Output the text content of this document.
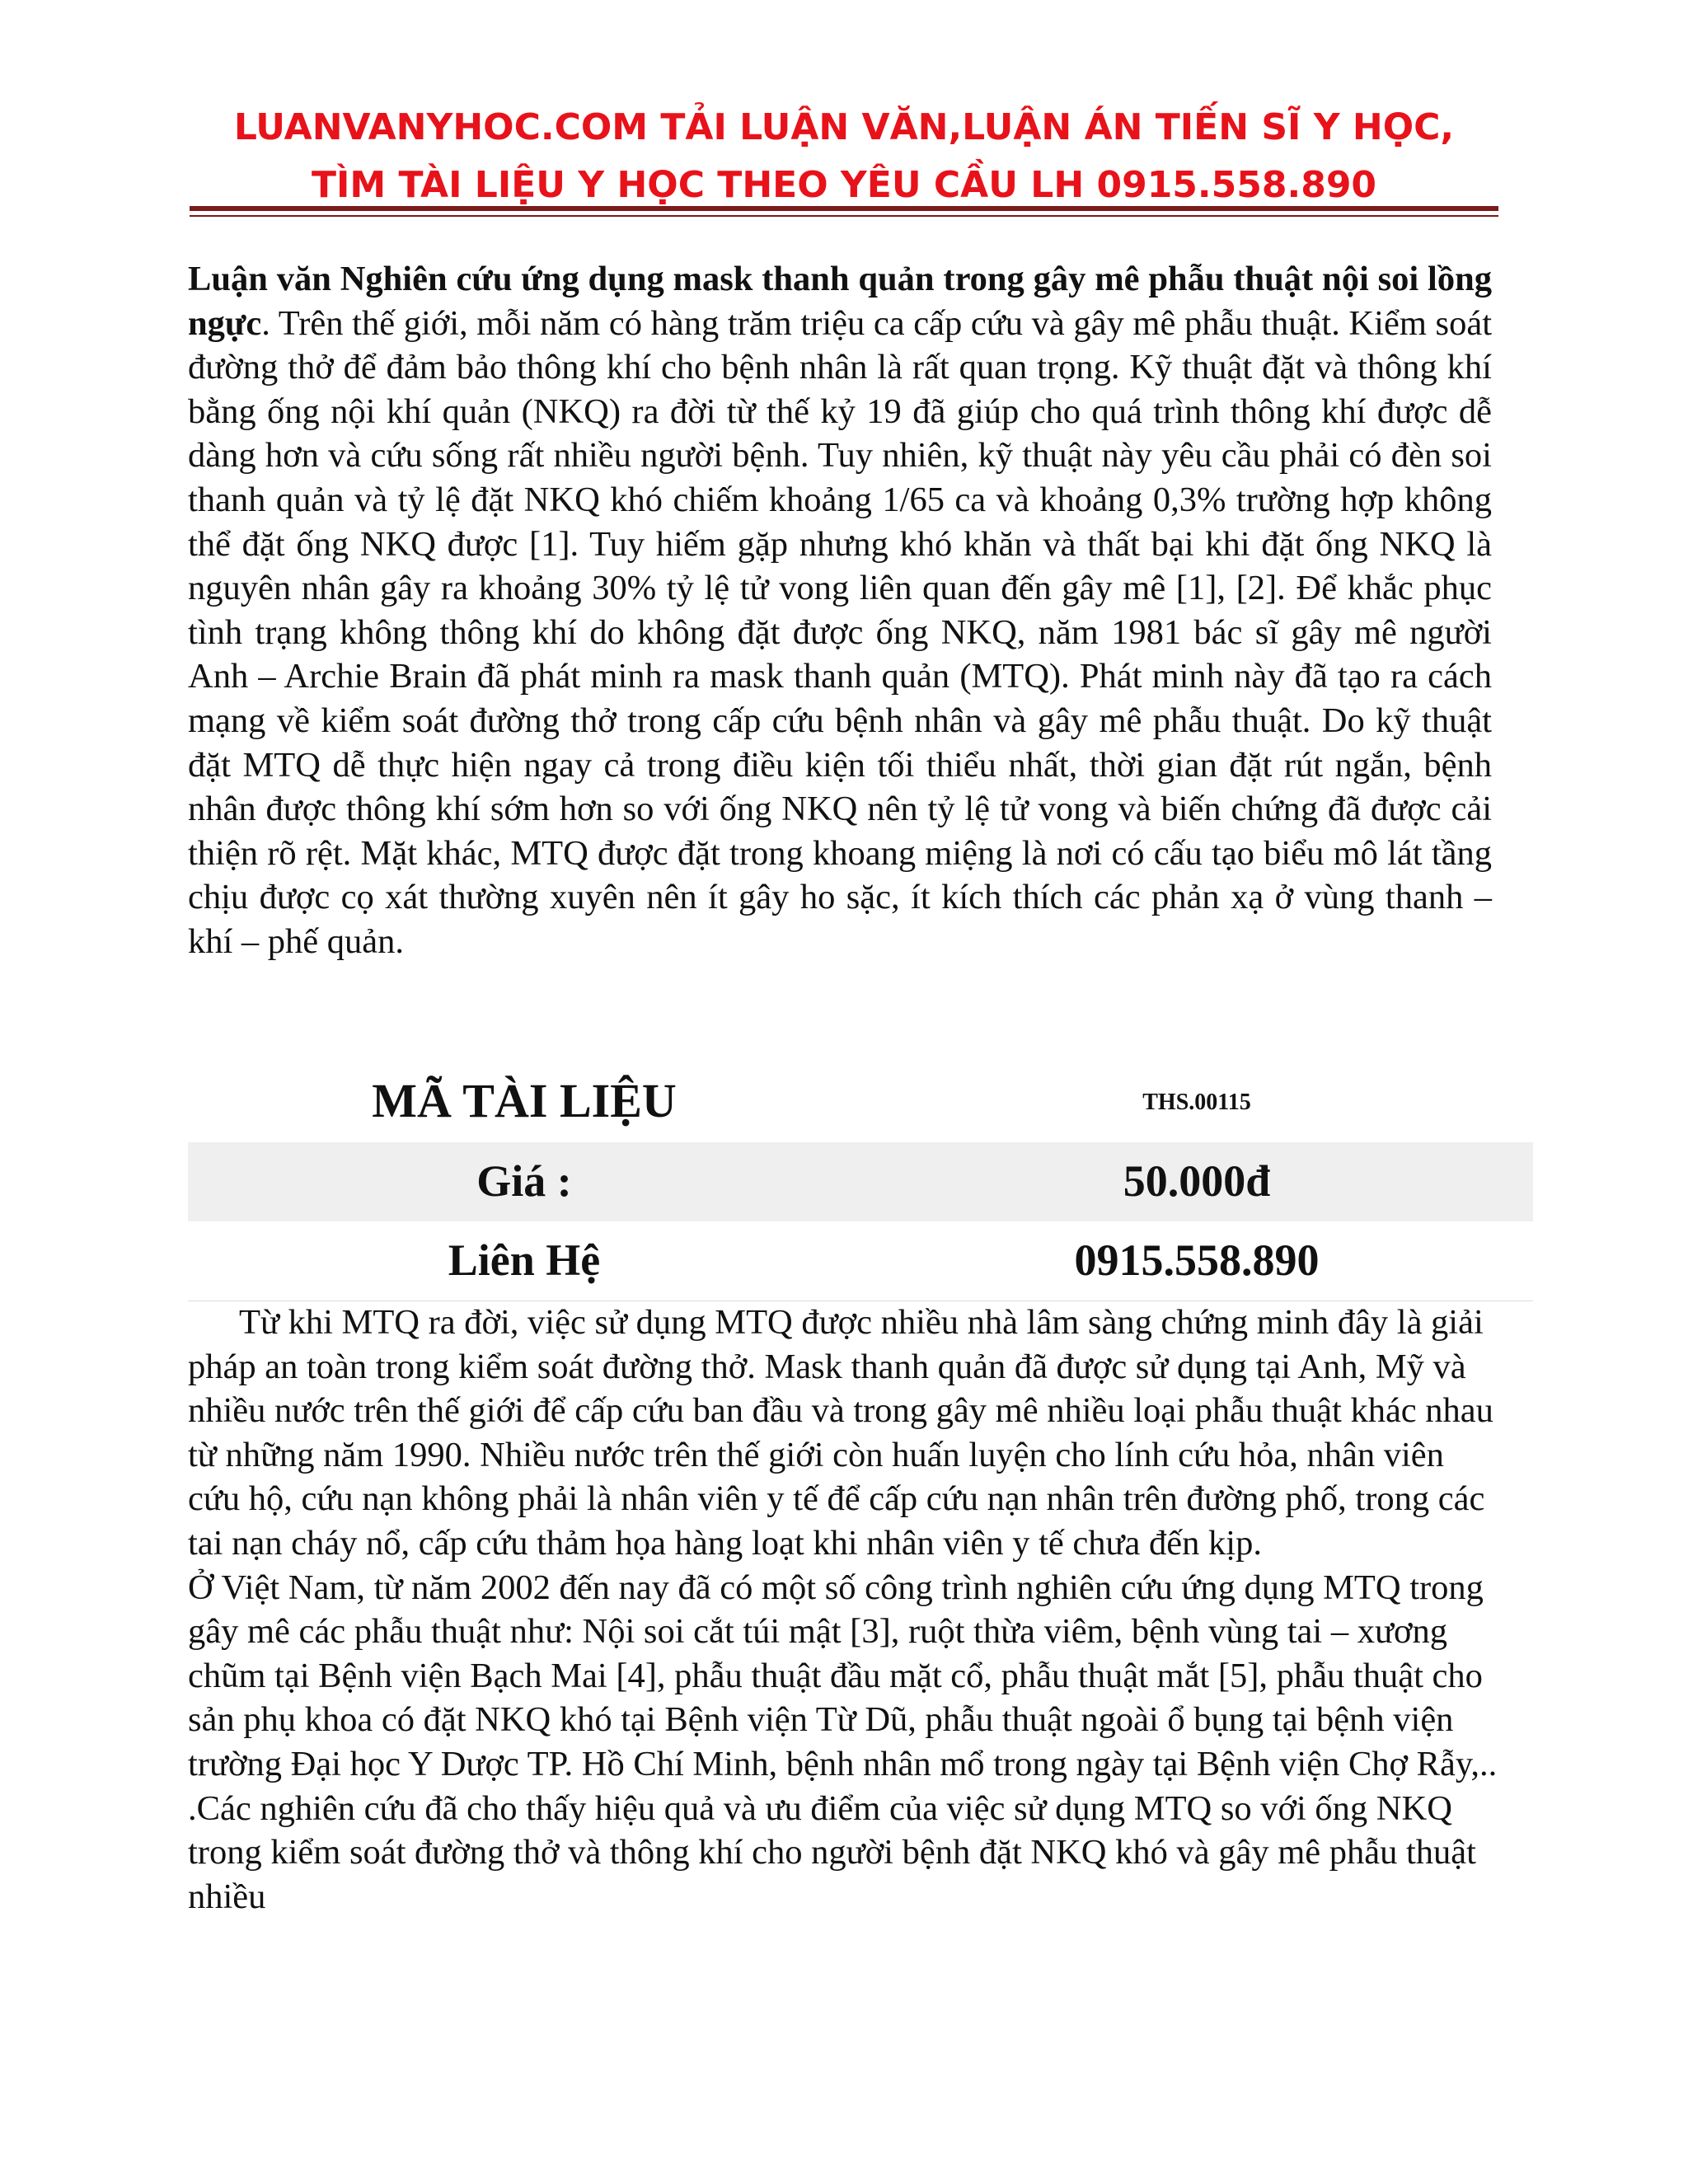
LUANVANYHOC.COM TẢI LUẬN VĂN,LUẬN ÁN TIẾN SĨ Y HỌC,
TÌM TÀI LIỆU Y HỌC THEO YÊU CẦU LH 0915.558.890
Luận văn Nghiên cứu ứng dụng mask thanh quản trong gây mê phẫu thuật nội soi lồng ngực. Trên thế giới, mỗi năm có hàng trăm triệu ca cấp cứu và gây mê phẫu thuật. Kiểm soát đường thở để đảm bảo thông khí cho bệnh nhân là rất quan trọng. Kỹ thuật đặt và thông khí bằng ống nội khí quản (NKQ) ra đời từ thế kỷ 19 đã giúp cho quá trình thông khí được dễ dàng hơn và cứu sống rất nhiều người bệnh. Tuy nhiên, kỹ thuật này yêu cầu phải có đèn soi thanh quản và tỷ lệ đặt NKQ khó chiếm khoảng 1/65 ca và khoảng 0,3% trường hợp không thể đặt ống NKQ được [1]. Tuy hiếm gặp nhưng khó khăn và thất bại khi đặt ống NKQ là nguyên nhân gây ra khoảng 30% tỷ lệ tử vong liên quan đến gây mê [1], [2]. Để khắc phục tình trạng không thông khí do không đặt được ống NKQ, năm 1981 bác sĩ gây mê người Anh – Archie Brain đã phát minh ra mask thanh quản (MTQ). Phát minh này đã tạo ra cách mạng về kiểm soát đường thở trong cấp cứu bệnh nhân và gây mê phẫu thuật. Do kỹ thuật đặt MTQ dễ thực hiện ngay cả trong điều kiện tối thiểu nhất, thời gian đặt rút ngắn, bệnh nhân được thông khí sớm hơn so với ống NKQ nên tỷ lệ tử vong và biến chứng đã được cải thiện rõ rệt. Mặt khác, MTQ được đặt trong khoang miệng là nơi có cấu tạo biểu mô lát tầng chịu được cọ xát thường xuyên nên ít gây ho sặc, ít kích thích các phản xạ ở vùng thanh – khí – phế quản.
MÃ TÀI LIỆU	THS.00115
Giá :	50.000đ
Liên Hệ	0915.558.890

Từ khi MTQ ra đời, việc sử dụng MTQ được nhiều nhà lâm sàng chứng minh đây là giải pháp an toàn trong kiểm soát đường thở. Mask thanh quản đã được sử dụng tại Anh, Mỹ và nhiều nước trên thế giới để cấp cứu ban đầu và trong gây mê nhiều loại phẫu thuật khác nhau từ những năm 1990. Nhiều nước trên thế giới còn huấn luyện cho lính cứu hỏa, nhân viên cứu hộ, cứu nạn không phải là nhân viên y tế để cấp cứu nạn nhân trên đường phố, trong các tai nạn cháy nổ, cấp cứu thảm họa hàng loạt khi nhân viên y tế chưa đến kịp.

Ở Việt Nam, từ năm 2002 đến nay đã có một số công trình nghiên cứu ứng dụng MTQ trong gây mê các phẫu thuật như: Nội soi cắt túi mật [3], ruột thừa viêm, bệnh vùng tai – xương chũm tại Bệnh viện Bạch Mai [4], phẫu thuật đầu mặt cổ, phẫu thuật mắt [5], phẫu thuật cho sản phụ khoa có đặt NKQ khó tại Bệnh viện Từ Dũ, phẫu thuật ngoài ổ bụng tại bệnh viện trường Đại học Y Dược TP. Hồ Chí Minh, bệnh nhân mổ trong ngày tại Bệnh viện Chợ Rẫy,.. .Các nghiên cứu đã cho thấy hiệu quả và ưu điểm của việc sử dụng MTQ so với ống NKQ trong kiểm soát đường thở và thông khí cho người bệnh đặt NKQ khó và gây mê phẫu thuật nhiều
